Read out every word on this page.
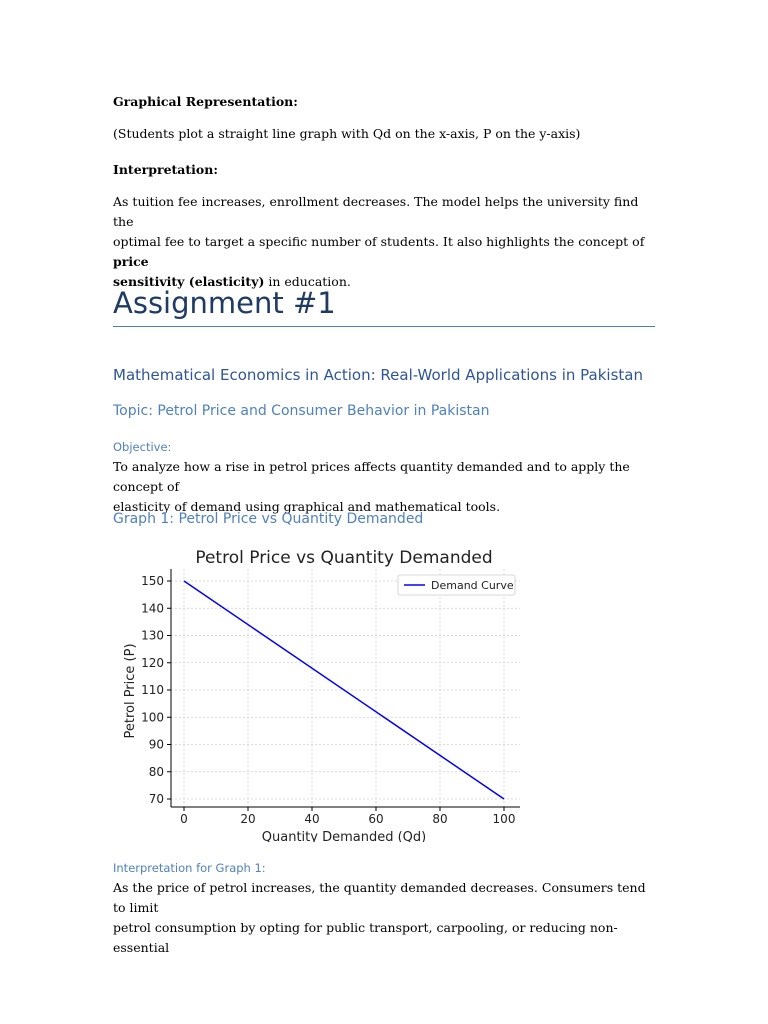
Graphical Representation:
(Students plot a straight line graph with Qd on the x-axis, P on the y-axis)
Interpretation:
As tuition fee increases, enrollment decreases. The model helps the university find the
optimal fee to target a specific number of students. It also highlights the concept of price
sensitivity (elasticity) in education.
Assignment #1
Mathematical Economics in Action: Real-World Applications in Pakistan
Topic: Petrol Price and Consumer Behavior in Pakistan
Objective:
To analyze how a rise in petrol prices affects quantity demanded and to apply the concept of
elasticity of demand using graphical and mathematical tools.
Graph 1: Petrol Price vs Quantity Demanded
Interpretation for Graph 1:
As the price of petrol increases, the quantity demanded decreases. Consumers tend to limit
petrol consumption by opting for public transport, carpooling, or reducing non-essential
Petrol Price vs Quantity Demanded
0	20	40	60	80	100
70
80
90
100
110
120
130
140
150
Quantity Demanded (Qd)
Petrol Price (P)
Demand Curve
